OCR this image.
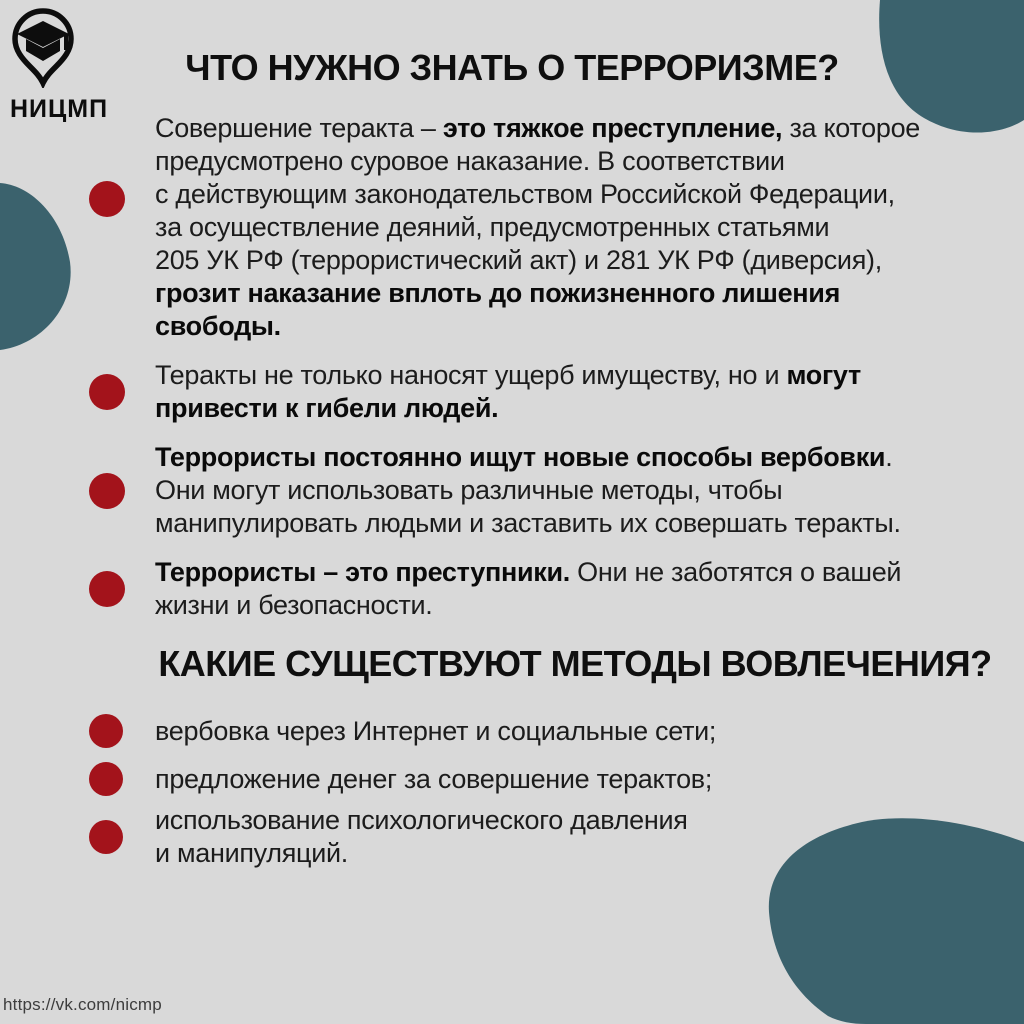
НИЦМП
ЧТО НУЖНО ЗНАТЬ О ТЕРРОРИЗМЕ?
Совершение теракта – это тяжкое преступление, за которое
предусмотрено суровое наказание. В соответствии
с действующим законодательством Российской Федерации,
за осуществление деяний, предусмотренных статьями
205 УК РФ (террористический акт) и 281 УК РФ (диверсия),
грозит наказание вплоть до пожизненного лишения
свободы.
Теракты не только наносят ущерб имуществу, но и могут
привести к гибели людей.
Террористы постоянно ищут новые способы вербовки.
Они могут использовать различные методы, чтобы
манипулировать людьми и заставить их совершать теракты.
Террористы – это преступники. Они не заботятся о вашей
жизни и безопасности.
КАКИЕ СУЩЕСТВУЮТ МЕТОДЫ ВОВЛЕЧЕНИЯ?
вербовка через Интернет и социальные сети;
предложение денег за совершение терактов;
использование психологического давления
и манипуляций.
https://vk.com/nicmp
